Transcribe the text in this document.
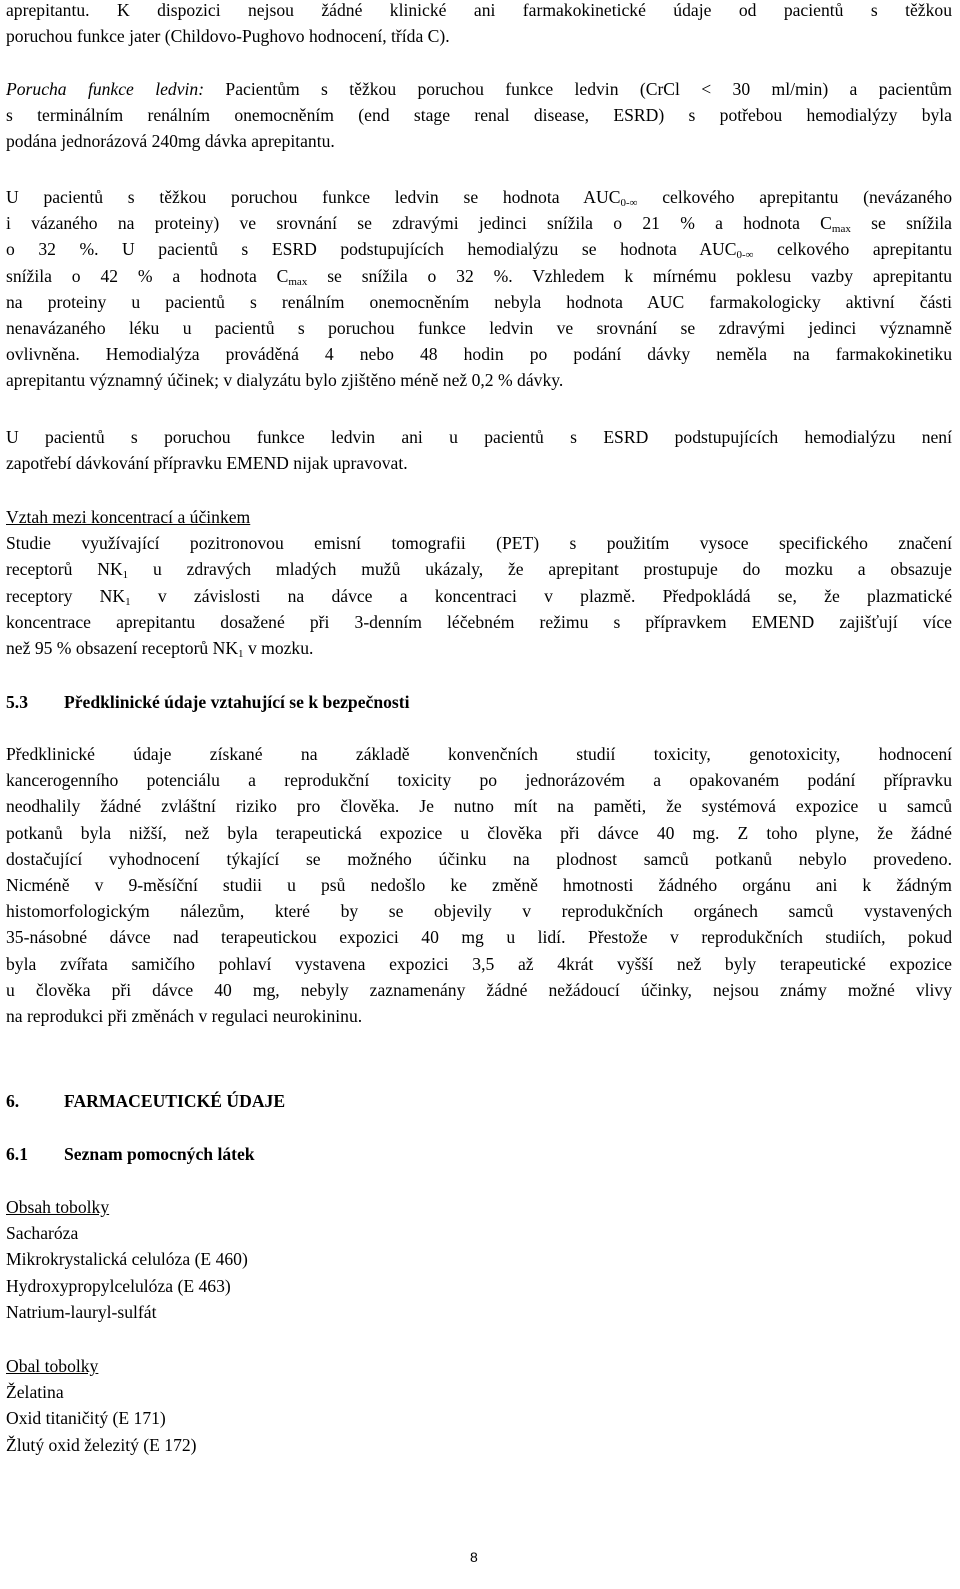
aprepitantu. K dispozici nejsou žádné klinické ani farmakokinetické údaje od pacientů s těžkou
poruchou funkce jater (Childovo-Pughovo hodnocení, třída C).

Porucha funkce ledvin: Pacientům s těžkou poruchou funkce ledvin (CrCl < 30 ml/min) a pacientům
s terminálním renálním onemocněním (end stage renal disease, ESRD) s potřebou hemodialýzy byla
podána jednorázová 240mg dávka aprepitantu.

U pacientů s těžkou poruchou funkce ledvin se hodnota $AUC_{0-\infty}$ celkového aprepitantu (nevázaného
i vázaného na proteiny) ve srovnání se zdravými jedinci snížila o 21 % a hodnota $C_{max}$ se snížila
o 32 %. U pacientů s ESRD podstupujících hemodialýzu se hodnota $AUC_{0-\infty}$ celkového aprepitantu
snížila o 42 % a hodnota $C_{max}$ se snížila o 32 %. Vzhledem k mírnému poklesu vazby aprepitantu
na proteiny u pacientů s renálním onemocněním nebyla hodnota AUC farmakologicky aktivní části
nenavázaného léku u pacientů s poruchou funkce ledvin ve srovnání se zdravými jedinci významně
ovlivněna. Hemodialýza prováděná 4 nebo 48 hodin po podání dávky neměla na farmakokinetiku
aprepitantu významný účinek; v dialyzátu bylo zjištěno méně než 0,2 % dávky.

U pacientů s poruchou funkce ledvin ani u pacientů s ESRD podstupujících hemodialýzu není
zapotřebí dávkování přípravku EMEND nijak upravovat.

Vztah mezi koncentrací a účinkem
Studie využívající pozitronovou emisní tomografii (PET) s použitím vysoce specifického značení
receptorů $NK_1$ u zdravých mladých mužů ukázaly, že aprepitant prostupuje do mozku a obsazuje
receptory $NK_1$ v závislosti na dávce a koncentraci v plazmě. Předpokládá se, že plazmatické
koncentrace aprepitantu dosažené při 3-denním léčebném režimu s přípravkem EMEND zajišťují více
než 95 % obsazení receptorů $NK_1$ v mozku.

5.3 Předklinické údaje vztahující se k bezpečnosti

Předklinické údaje získané na základě konvenčních studií toxicity, genotoxicity, hodnocení
kancerogenního potenciálu a reprodukční toxicity po jednorázovém a opakovaném podání přípravku
neodhalily žádné zvláštní riziko pro člověka. Je nutno mít na paměti, že systémová expozice u samců
potkanů byla nižší, než byla terapeutická expozice u člověka při dávce 40 mg. Z toho plyne, že žádné
dostačující vyhodnocení týkající se možného účinku na plodnost samců potkanů nebylo provedeno.
Nicméně v 9-měsíční studii u psů nedošlo ke změně hmotnosti žádného orgánu ani k žádným
histomorfologickým nálezům, které by se objevily v reprodukčních orgánech samců vystavených
35-násobné dávce nad terapeutickou expozici 40 mg u lidí. Přestože v reprodukčních studiích, pokud
byla zvířata samičího pohlaví vystavena expozici 3,5 až 4krát vyšší než byly terapeutické expozice
u člověka při dávce 40 mg, nebyly zaznamenány žádné nežádoucí účinky, nejsou známy možné vlivy
na reprodukci při změnách v regulaci neurokininu.

6.	FARMACEUTICKÉ ÚDAJE
6.1 Seznam pomocných látek
Obsah tobolky
Sacharóza
Mikrokrystalická celulóza (E 460)
Hydroxypropylcelulóza (E 463)
Natrium-lauryl-sulfát
Obal tobolky
Želatina
Oxid titaničitý (E 171)
Žlutý oxid železitý (E 172)
8
